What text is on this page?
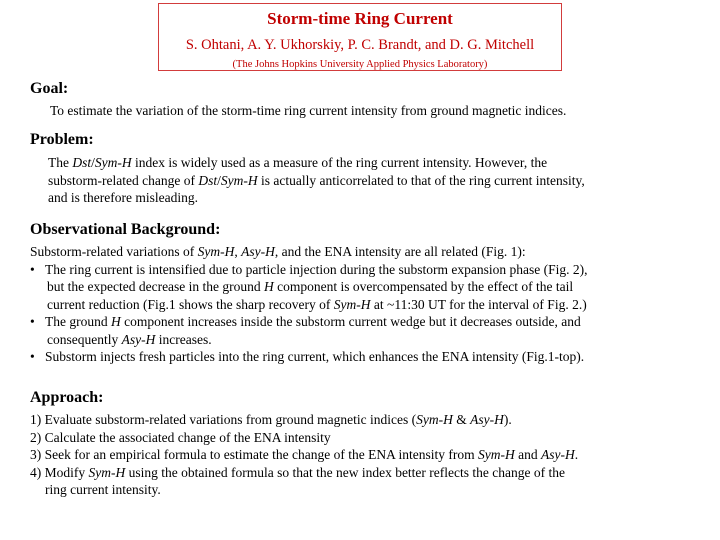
Storm-time Ring Current
S. Ohtani, A. Y. Ukhorskiy, P. C. Brandt, and D. G. Mitchell
(The Johns Hopkins University Applied Physics Laboratory)
Goal:
To estimate the variation of the storm-time ring current intensity from ground magnetic indices.
Problem:
The Dst/Sym-H index is widely used as a measure of the ring current intensity. However, the
substorm-related change of Dst/Sym-H is actually anticorrelated to that of the ring current intensity,
and is therefore misleading.
Observational Background:
Substorm-related variations of Sym-H, Asy-H, and the ENA intensity are all related (Fig. 1):
• The ring current is intensified due to particle injection during the substorm expansion phase (Fig. 2),
but the expected decrease in the ground H component is overcompensated by the effect of the tail
current reduction (Fig.1 shows the sharp recovery of Sym-H at ~11:30 UT for the interval of Fig. 2.)
• The ground H component increases inside the substorm current wedge but it decreases outside, and
consequently Asy-H increases.
• Substorm injects fresh particles into the ring current, which enhances the ENA intensity (Fig.1-top).
Approach:
1) Evaluate substorm-related variations from ground magnetic indices (Sym-H & Asy-H).
2) Calculate the associated change of the ENA intensity
3) Seek for an empirical formula to estimate the change of the ENA intensity from Sym-H and Asy-H.
4) Modify Sym-H using the obtained formula so that the new index better reflects the change of the
ring current intensity.
